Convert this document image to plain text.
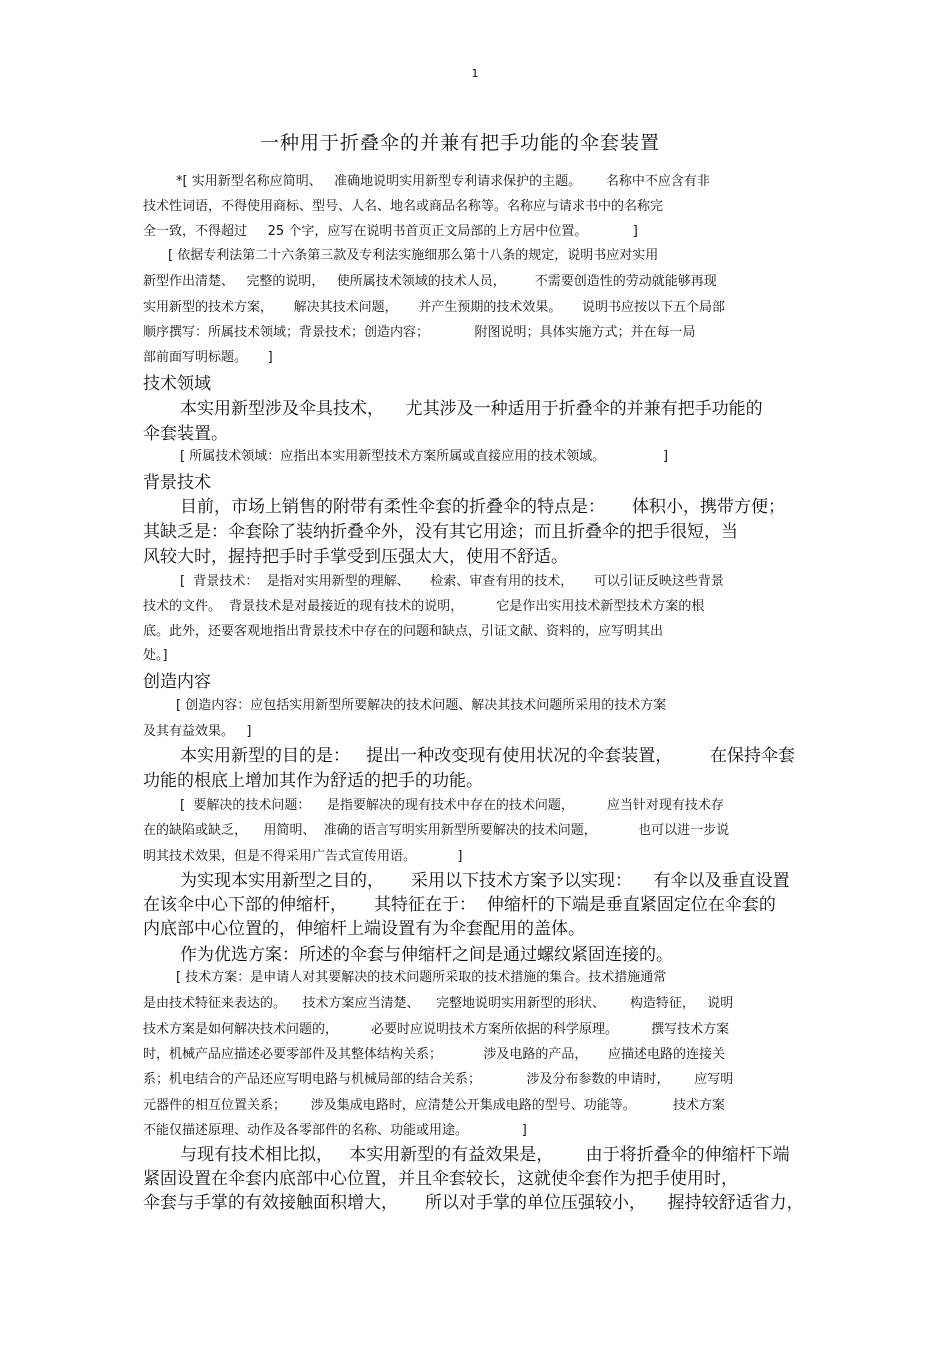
1
一种用于折叠伞的并兼有把手功能的伞套装置
*[ 实用新型名称应简明、   准确地说明实用新型专利请求保护的主题。      名称中不应含有非
技术性词语，不得使用商标、型号、人名、地名或商品名称等。名称应与请求书中的名称完
全一致，不得超过     25 个字，应写在说明书首页正文局部的上方居中位置。           ]
[ 依据专利法第二十六条第三款及专利法实施细那么第十八条的规定，说明书应对实用
新型作出清楚、   完整的说明，   使所属技术领域的技术人员，       不需要创造性的劳动就能够再现
实用新型的技术方案，     解决其技术问题，     并产生预期的技术效果。     说明书应按以下五个局部
顺序撰写：所属技术领域；背景技术；创造内容；           附图说明；具体实施方式；并在每一局
部前面写明标题。     ]
技术领域
本实用新型涉及伞具技术，    尤其涉及一种适用于折叠伞的并兼有把手功能的
伞套装置。
[ 所属技术领域：应指出本实用新型技术方案所属或直接应用的技术领域。              ]
背景技术
目前，市场上销售的附带有柔性伞套的折叠伞的特点是：     体积小，携带方便；
其缺乏是：伞套除了装纳折叠伞外，没有其它用途；而且折叠伞的把手很短，当
风较大时，握持把手时手掌受到压强太大，使用不舒适。
[  背景技术：  是指对实用新型的理解、     检索、审查有用的技术，     可以引证反映这些背景
技术的文件。  背景技术是对最接近的现有技术的说明，        它是作出实用技术新型技术方案的根
底。此外，还要客观地指出背景技术中存在的问题和缺点，引证文献、资料的，应写明其出
处。]
创造内容
[ 创造内容：应包括实用新型所要解决的技术问题、解决其技术问题所采用的技术方案
及其有益效果。   ]
本实用新型的目的是：   提出一种改变现有使用状况的伞套装置，       在保持伞套
功能的根底上增加其作为舒适的把手的功能。
[  要解决的技术问题：    是指要解决的现有技术中存在的技术问题，        应当针对现有技术存
在的缺陷或缺乏，    用简明、  准确的语言写明实用新型所要解决的技术问题，          也可以进一步说
明其技术效果，但是不得采用广告式宣传用语。          ]
为实现本实用新型之目的，     采用以下技术方案予以实现：    有伞以及垂直设置
在该伞中心下部的伸缩杆，     其特征在于：  伸缩杆的下端是垂直紧固定位在伞套的
内底部中心位置的，伸缩杆上端设置有为伞套配用的盖体。
作为优选方案：所述的伞套与伸缩杆之间是通过螺纹紧固连接的。
[ 技术方案：是申请人对其要解决的技术问题所采取的技术措施的集合。技术措施通常
是由技术特征来表达的。    技术方案应当清楚、    完整地说明实用新型的形状、      构造特征，   说明
技术方案是如何解决技术问题的，        必要时应说明技术方案所依据的科学原理。        撰写技术方案
时，机械产品应描述必要零部件及其整体结构关系；          涉及电路的产品，     应描述电路的连接关
系；机电结合的产品还应写明电路与机械局部的结合关系；           涉及分布参数的申请时，      应写明
元器件的相互位置关系；      涉及集成电路时，应清楚公开集成电路的型号、功能等。         技术方案
不能仅描述原理、动作及各零部件的名称、功能或用途。             ]
与现有技术相比拟，   本实用新型的有益效果是，      由于将折叠伞的伸缩杆下端
紧固设置在伞套内底部中心位置，并且伞套较长，这就使伞套作为把手使用时，
伞套与手掌的有效接触面积增大，     所以对手掌的单位压强较小，    握持较舒适省力，
